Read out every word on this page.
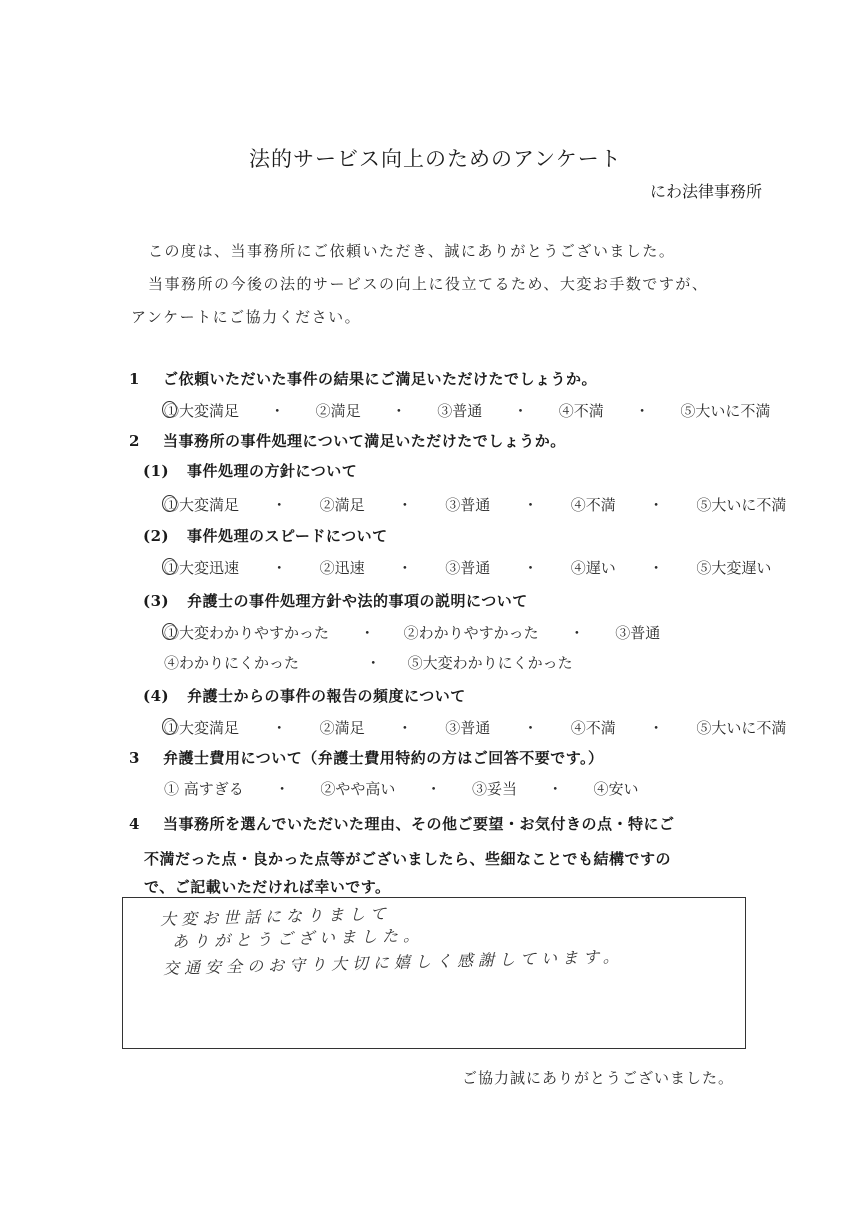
法的サービス向上のためのアンケート
にわ法律事務所
この度は、当事務所にご依頼いただき、誠にありがとうございました。
当事務所の今後の法的サービスの向上に役立てるため、大変お手数ですが、
アンケートにご協力ください。
1 ご依頼いただいた事件の結果にご満足いただけたでしょうか。
①大変満足 ・ ②満足 ・ ③普通 ・ ④不満 ・ ⑤大いに不満
2 当事務所の事件処理について満足いただけたでしょうか。
(1) 事件処理の方針について
①大変満足 ・ ②満足 ・ ③普通 ・ ④不満 ・ ⑤大いに不満
(2) 事件処理のスピードについて
①大変迅速 ・ ②迅速 ・ ③普通 ・ ④遅い ・ ⑤大変遅い
(3) 弁護士の事件処理方針や法的事項の説明について
①大変わかりやすかった ・ ②わかりやすかった ・ ③普通
④わかりにくかった	・ ⑤大変わかりにくかった
(4) 弁護士からの事件の報告の頻度について
①大変満足 ・ ②満足 ・ ③普通 ・ ④不満 ・ ⑤大いに不満
3 弁護士費用について（弁護士費用特約の方はご回答不要です。）
① 高すぎる ・ ②やや高い ・ ③妥当 ・ ④安い
4 当事務所を選んでいただいた理由、その他ご要望・お気付きの点・特にご
不満だった点・良かった点等がございましたら、些細なことでも結構ですの
で、ご記載いただければ幸いです。
大変お世話になりまして
ありがとうございました。
交通安全のお守り大切に嬉しく感謝しています。
ご協力誠にありがとうございました。
